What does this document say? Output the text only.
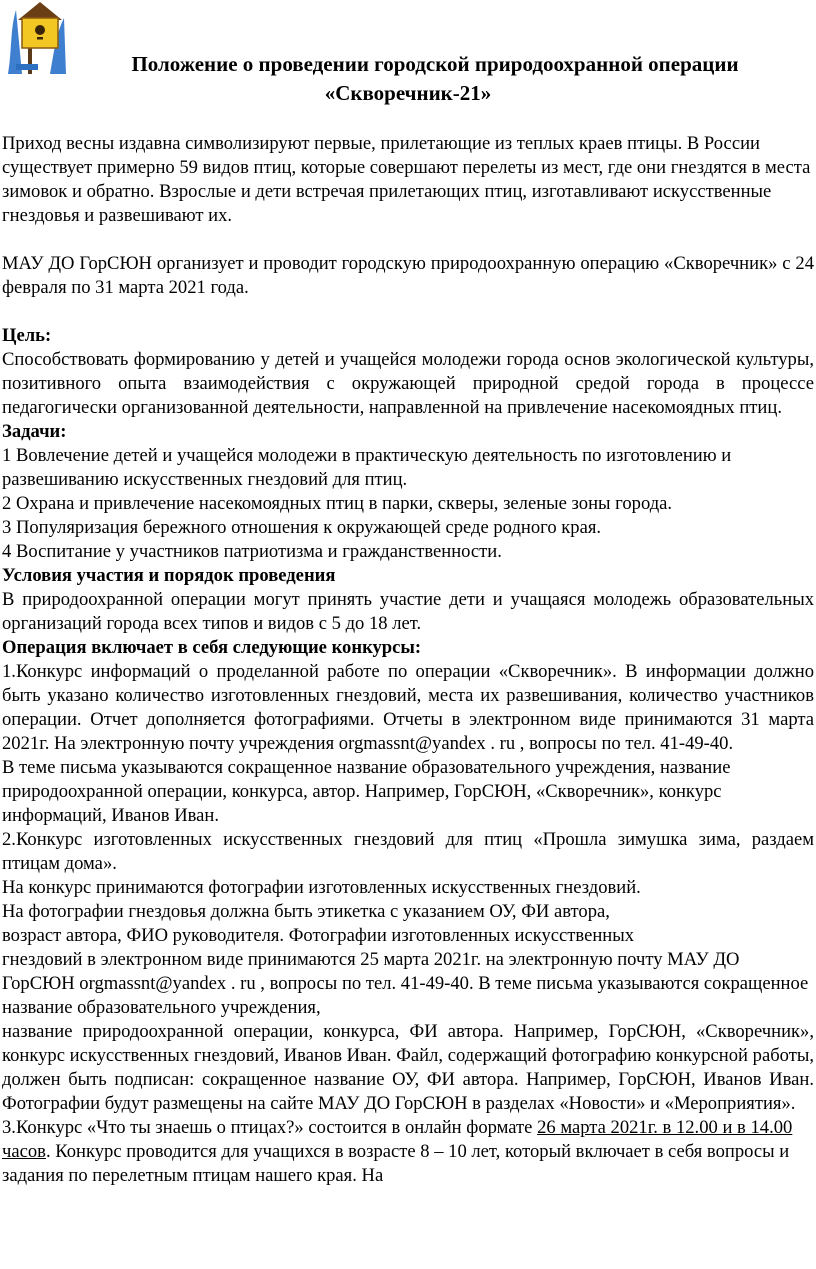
Положение о проведении городской природоохранной операции
«Скворечник-21»

Приход весны издавна символизируют первые, прилетающие из теплых краев птицы. В России существует примерно 59 видов птиц, которые совершают перелеты из мест, где они гнездятся в места зимовок и обратно. Взрослые и дети встречая прилетающих птиц, изготавливают искусственные гнездовья и развешивают их.

МАУ ДО ГорСЮН организует и проводит городскую природоохранную операцию «Скворечник» с 24 февраля по 31 марта 2021 года.

Цель:

Способствовать формированию у детей и учащейся молодежи города основ экологической культуры, позитивного опыта взаимодействия с окружающей природной средой города в процессе педагогически организованной деятельности, направленной на привлечение насекомоядных птиц.

Задачи:

1 Вовлечение детей и учащейся молодежи в практическую деятельность по изготовлению и развешиванию искусственных гнездовий для птиц.

2 Охрана и привлечение насекомоядных птиц в парки, скверы, зеленые зоны города.

3 Популяризация бережного отношения к окружающей среде родного края.

4 Воспитание у участников патриотизма и гражданственности.

Условия участия и порядок проведения

В природоохранной операции могут принять участие дети и учащаяся молодежь образовательных организаций города всех типов и видов с 5 до 18 лет.

Операция включает в себя следующие конкурсы:

1.Конкурс информаций о проделанной работе по операции «Скворечник». В информации должно быть указано количество изготовленных гнездовий, места их развешивания, количество участников операции. Отчет дополняется фотографиями. Отчеты в электронном виде принимаются 31 марта 2021г. На электронную почту учреждения orgmassnt@yandex . ru , вопросы по тел. 41-49-40.

В теме письма указываются сокращенное название образовательного учреждения, название природоохранной операции, конкурса, автор. Например, ГорСЮН, «Скворечник», конкурс информаций, Иванов Иван.

2.Конкурс изготовленных искусственных гнездовий для птиц «Прошла зимушка зима, раздаем птицам дома».

На конкурс принимаются фотографии изготовленных искусственных гнездовий.

На фотографии гнездовья должна быть этикетка с указанием ОУ, ФИ автора,

возраст автора, ФИО руководителя. Фотографии изготовленных искусственных

гнездовий в электронном виде принимаются 25 марта 2021г. на электронную почту МАУ ДО ГорСЮН orgmassnt@yandex . ru , вопросы по тел. 41-49-40. В теме письма указываются сокращенное название образовательного учреждения,

название природоохранной операции, конкурса, ФИ автора. Например, ГорСЮН, «Скворечник», конкурс искусственных гнездовий, Иванов Иван. Файл, содержащий фотографию конкурсной работы, должен быть подписан: сокращенное название ОУ, ФИ автора. Например, ГорСЮН, Иванов Иван. Фотографии будут размещены на сайте МАУ ДО ГорСЮН в разделах «Новости» и «Мероприятия».

3.Конкурс «Что ты знаешь о птицах?» состоится в онлайн формате 26 марта 2021г. в 12.00 и в 14.00 часов. Конкурс проводится для учащихся в возрасте 8 – 10 лет, который включает в себя вопросы и задания по перелетным птицам нашего края. На
